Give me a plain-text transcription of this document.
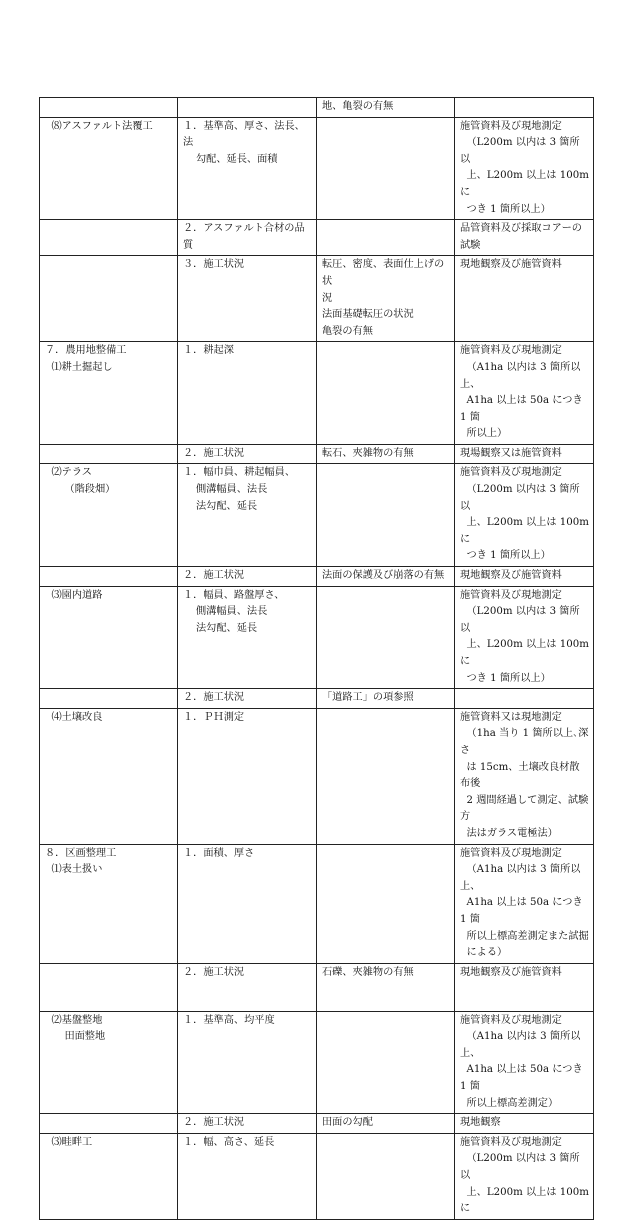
		地、亀裂の有無	
⑻アスファルト法覆工	１．基準高、厚さ、法長、法
勾配、延長、面積		施管資料及び現地測定
（L200m 以内は 3 箇所以
上、L200m 以上は 100m に
つき 1 箇所以上）
	２．アスファルト合材の品質		品管資料及び採取コアーの
試験
	３．施工状況	転圧、密度、表面仕上げの状
況
法面基礎転圧の状況
亀裂の有無	現地観察及び施管資料
７．農用地整備工
⑴耕土掘起し	１．耕起深		施管資料及び現地測定
（A1ha 以内は 3 箇所以上、
A1ha 以上は 50a につき 1 箇
所以上）
	２．施工状況	転石、夾雑物の有無	現場観察又は施管資料
⑵テラス
（階段畑）	１．幅巾員、耕起幅員、
側溝幅員、法長
法勾配、延長		施管資料及び現地測定
（L200m 以内は 3 箇所以
上、L200m 以上は 100m に
つき 1 箇所以上）
	２．施工状況	法面の保護及び崩落の有無	現地観察及び施管資料
⑶園内道路	１．幅員、路盤厚さ、
側溝幅員、法長
法勾配、延長		施管資料及び現地測定
（L200m 以内は 3 箇所以
上、L200m 以上は 100m に
つき 1 箇所以上）
	２．施工状況	「道路工」の項参照	
⑷土壌改良	１．ＰＨ測定		施管資料又は現地測定
（1ha 当り 1 箇所以上､深さ
は 15cm、土壌改良材散布後
2 週間経過して測定、試験方
法はガラス電極法）
８．区画整理工
⑴表土扱い	１．面積、厚さ		施管資料及び現地測定
（A1ha 以内は 3 箇所以上、
A1ha 以上は 50a につき 1 箇
所以上標高差測定また試掘
による）
	２．施工状況	石礫、夾雑物の有無	現地観察及び施管資料
⑵基盤整地
田面整地	１．基準高、均平度		施管資料及び現地測定
（A1ha 以内は 3 箇所以上、
A1ha 以上は 50a につき 1 箇
所以上標高差測定）
	２．施工状況	田面の勾配	現地観察
⑶畦畔工	１．幅、高さ、延長		施管資料及び現地測定
（L200m 以内は 3 箇所以
上、L200m 以上は 100m に
